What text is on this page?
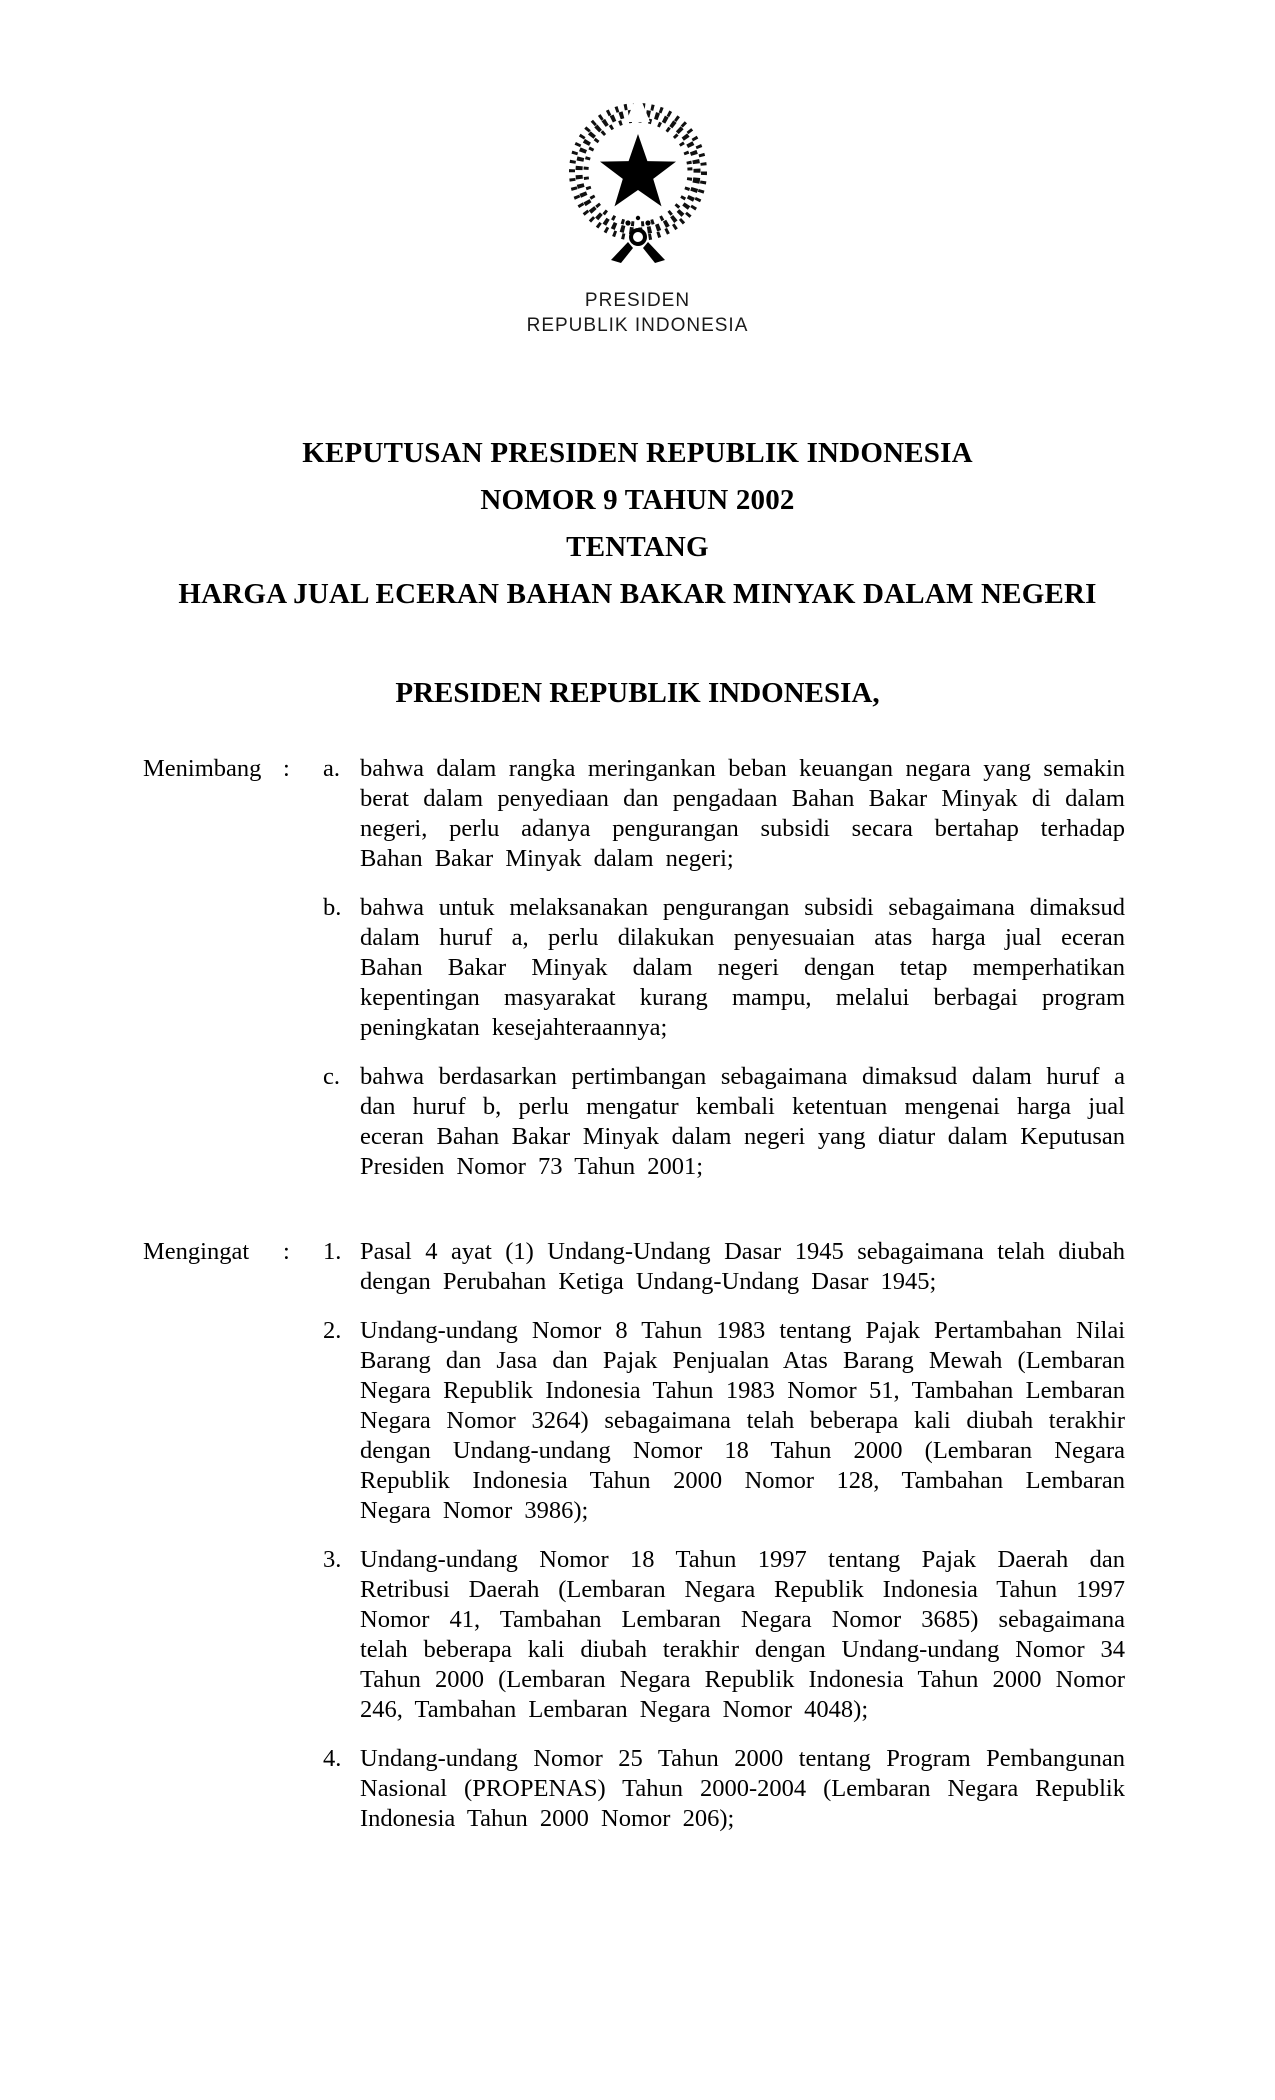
PRESIDEN
REPUBLIK INDONESIA
KEPUTUSAN PRESIDEN REPUBLIK INDONESIA
NOMOR 9 TAHUN 2002
TENTANG
HARGA JUAL ECERAN BAHAN BAKAR MINYAK DALAM NEGERI
PRESIDEN REPUBLIK INDONESIA,
Menimbang :	a. bahwa dalam rangka meringankan beban keuangan negara yang semakin berat dalam penyediaan dan pengadaan Bahan Bakar Minyak di dalam negeri, perlu adanya pengurangan subsidi secara bertahap terhadap Bahan Bakar Minyak dalam negeri;
b. bahwa untuk melaksanakan pengurangan subsidi sebagaimana dimaksud dalam huruf a, perlu dilakukan penyesuaian atas harga jual eceran Bahan Bakar Minyak dalam negeri dengan tetap memperhatikan kepentingan masyarakat kurang mampu, melalui berbagai program peningkatan kesejahteraannya;
c. bahwa berdasarkan pertimbangan sebagaimana dimaksud dalam huruf a dan huruf b, perlu mengatur kembali ketentuan mengenai harga jual eceran Bahan Bakar Minyak dalam negeri yang diatur dalam Keputusan Presiden Nomor 73 Tahun 2001;
Mengingat	:	1. Pasal 4 ayat (1) Undang-Undang Dasar 1945 sebagaimana telah diubah dengan Perubahan Ketiga Undang-Undang Dasar 1945;
2. Undang-undang Nomor 8 Tahun 1983 tentang Pajak Pertambahan Nilai Barang dan Jasa dan Pajak Penjualan Atas Barang Mewah (Lembaran Negara Republik Indonesia Tahun 1983 Nomor 51, Tambahan Lembaran Negara Nomor 3264) sebagaimana telah beberapa kali diubah terakhir dengan Undang-undang Nomor 18 Tahun 2000 (Lembaran Negara Republik Indonesia Tahun 2000 Nomor 128, Tambahan Lembaran Negara Nomor 3986);
3. Undang-undang Nomor 18 Tahun 1997 tentang Pajak Daerah dan Retribusi Daerah (Lembaran Negara Republik Indonesia Tahun 1997 Nomor 41, Tambahan Lembaran Negara Nomor 3685) sebagaimana telah beberapa kali diubah terakhir dengan Undang-undang Nomor 34 Tahun 2000 (Lembaran Negara Republik Indonesia Tahun 2000 Nomor 246, Tambahan Lembaran Negara Nomor 4048);
4. Undang-undang Nomor 25 Tahun 2000 tentang Program Pembangunan Nasional (PROPENAS) Tahun 2000-2004 (Lembaran Negara Republik Indonesia Tahun 2000 Nomor 206);
